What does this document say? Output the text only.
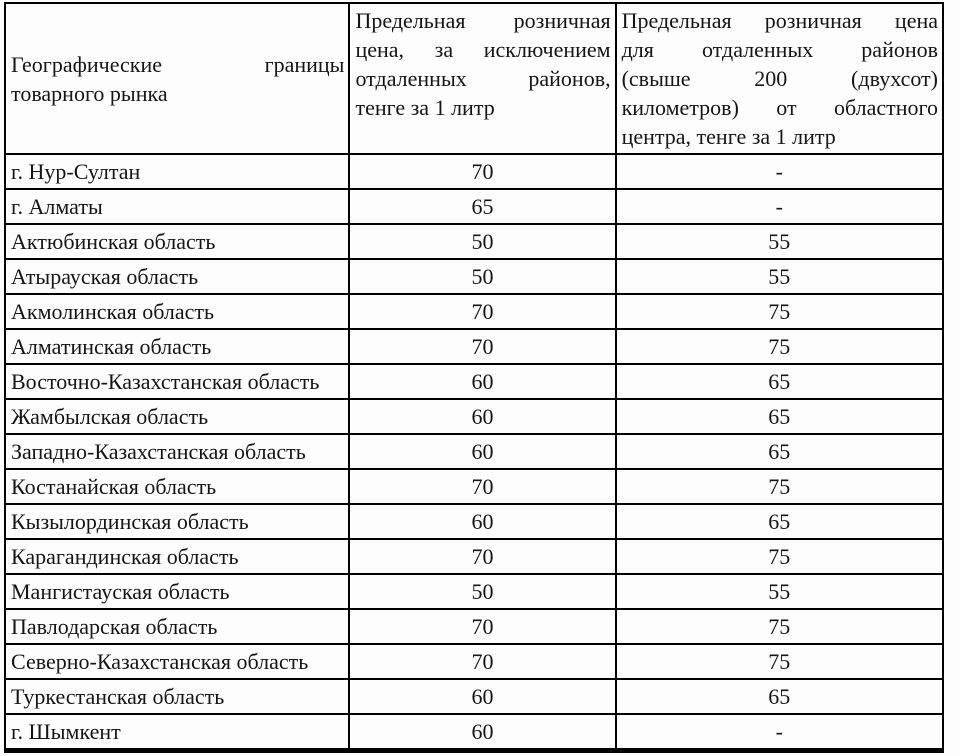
Географические границы
товарного рынка

Предельная розничная
цена, за исключением
отдаленных районов,
тенге за 1 литр

Предельная розничная цена
для отдаленных районов
(свыше 200 (двухсот)
километров) от областного
центра, тенге за 1 литр

г. Нур-Султан	70	-
г. Алматы	65	-
Актюбинская область	50	55
Атырауская область	50	55
Акмолинская область	70	75
Алматинская область	70	75
Восточно-Казахстанская область	60	65
Жамбылская область	60	65
Западно-Казахстанская область	60	65
Костанайская область	70	75
Кызылординская область	60	65
Карагандинская область	70	75
Мангистауская область	50	55
Павлодарская область	70	75
Северно-Казахстанская область	70	75
Туркестанская область	60	65
г. Шымкент	60	-
